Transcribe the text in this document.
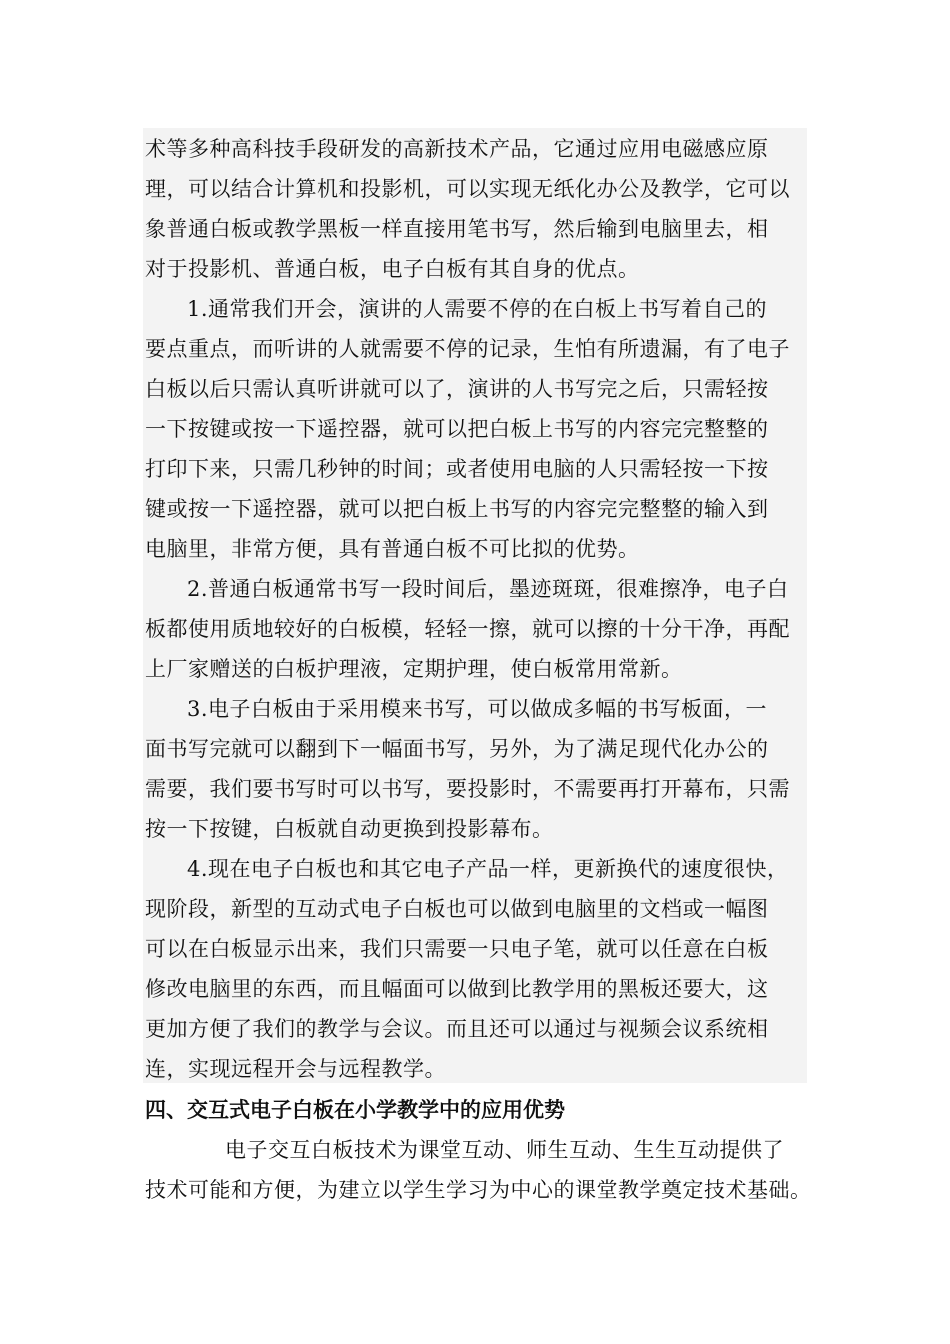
术等多种高科技手段研发的高新技术产品，它通过应用电磁感应原
理，可以结合计算机和投影机，可以实现无纸化办公及教学，它可以
象普通白板或教学黑板一样直接用笔书写，然后输到电脑里去，相
对于投影机、普通白板，电子白板有其自身的优点。
1.通常我们开会，演讲的人需要不停的在白板上书写着自己的
要点重点，而听讲的人就需要不停的记录，生怕有所遗漏，有了电子
白板以后只需认真听讲就可以了，演讲的人书写完之后，只需轻按
一下按键或按一下遥控器，就可以把白板上书写的内容完完整整的
打印下来，只需几秒钟的时间；或者使用电脑的人只需轻按一下按
键或按一下遥控器，就可以把白板上书写的内容完完整整的输入到
电脑里，非常方便，具有普通白板不可比拟的优势。
2.普通白板通常书写一段时间后，墨迹斑斑，很难擦净，电子白
板都使用质地较好的白板模，轻轻一擦，就可以擦的十分干净，再配
上厂家赠送的白板护理液，定期护理，使白板常用常新。
3.电子白板由于采用模来书写，可以做成多幅的书写板面，一
面书写完就可以翻到下一幅面书写，另外，为了满足现代化办公的
需要，我们要书写时可以书写，要投影时，不需要再打开幕布，只需
按一下按键，白板就自动更换到投影幕布。
4.现在电子白板也和其它电子产品一样，更新换代的速度很快，
现阶段，新型的互动式电子白板也可以做到电脑里的文档或一幅图
可以在白板显示出来，我们只需要一只电子笔，就可以任意在白板
修改电脑里的东西，而且幅面可以做到比教学用的黑板还要大，这
更加方便了我们的教学与会议。而且还可以通过与视频会议系统相
连，实现远程开会与远程教学。
四、交互式电子白板在小学教学中的应用优势
电子交互白板技术为课堂互动、师生互动、生生互动提供了
技术可能和方便，为建立以学生学习为中心的课堂教学奠定技术基础。
